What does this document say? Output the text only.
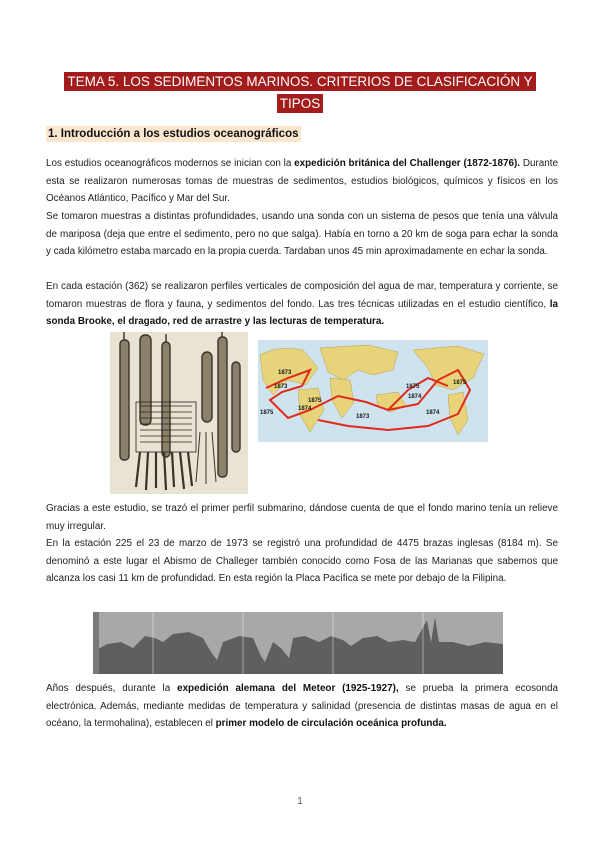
TEMA 5. LOS SEDIMENTOS MARINOS. CRITERIOS DE CLASIFICACIÓN Y
TIPOS
1. Introducción a los estudios oceanográficos

Los estudios oceanográficos modernos se inician con la expedición británica del Challenger (1872-1876). Durante esta se realizaron numerosas tomas de muestras de sedimentos, estudios biológicos, químicos y físicos en los Océanos Atlántico, Pacífico y Mar del Sur.

Se tomaron muestras a distintas profundidades, usando una sonda con un sistema de pesos que tenía una válvula de mariposa (deja que entre el sedimento, pero no que salga). Había en torno a 20 km de soga para echar la sonda y cada kilómetro estaba marcado en la propia cuerda. Tardaban unos 45 min aproximadamente en echar la sonda.

En cada estación (362) se realizaron perfiles verticales de composición del agua de mar, temperatura y corriente, se tomaron muestras de flora y fauna, y sedimentos del fondo. Las tres técnicas utilizadas en el estudio científico, la sonda Brooke, el dragado, red de arrastre y las lecturas de temperatura.

1873
1873
1875
1874
1875
1875
1874
1873
1875
1874

Gracias a este estudio, se trazó el primer perfil submarino, dándose cuenta de que el fondo marino tenía un relieve muy irregular.

En la estación 225 el 23 de marzo de 1973 se registró una profundidad de 4475 brazas inglesas (8184 m). Se denominó a este lugar el Abismo de Challeger también conocido como Fosa de las Marianas que sabemos que alcanza los casi 11 km de profundidad. En esta región la Placa Pacífica se mete por debajo de la Filipina.

Años después, durante la expedición alemana del Meteor (1925-1927), se prueba la primera ecosonda electrónica. Además, mediante medidas de temperatura y salinidad (presencia de distintas masas de agua en el océano, la termohalina), establecen el primer modelo de circulación oceánica profunda.

1
